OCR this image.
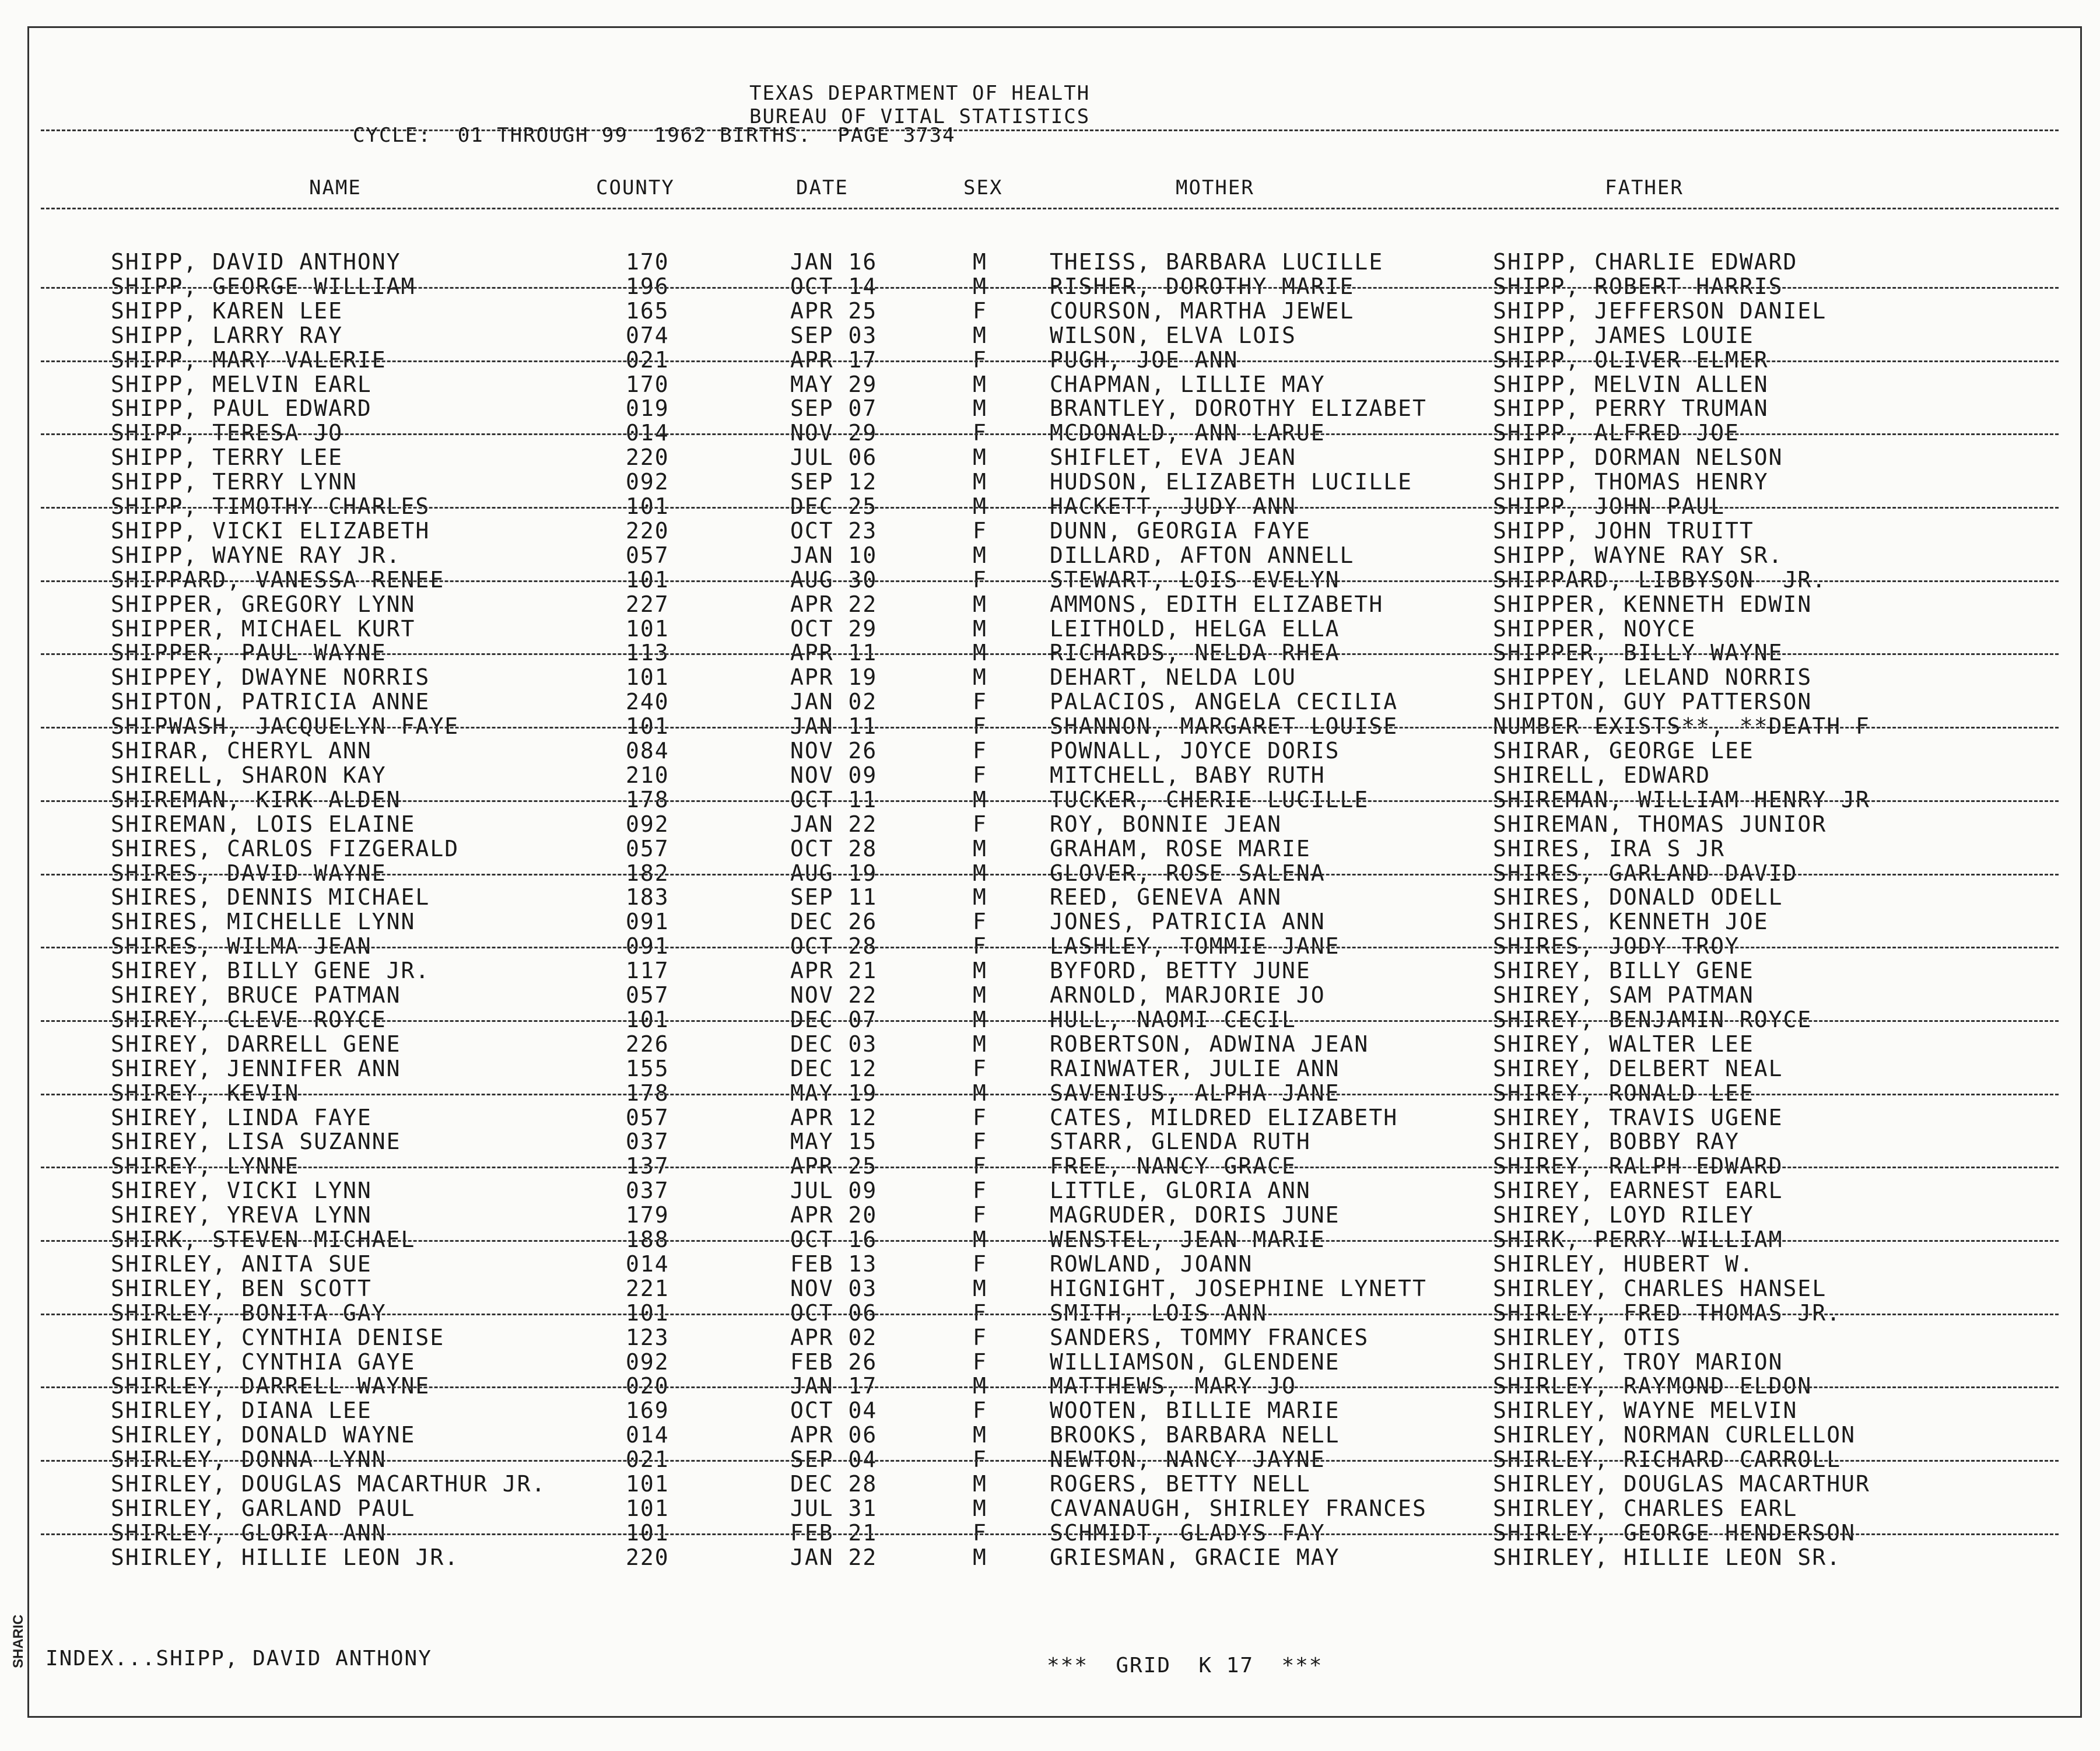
SHARIC
TEXAS DEPARTMENT OF HEALTH
BUREAU OF VITAL STATISTICS
CYCLE:  01 THROUGH 99  1962 BIRTHS.  PAGE 3734
NAME	COUNTY	DATE	SEX	MOTHER	FATHER
SHIPP, DAVID ANTHONY	170	JAN 16	M	THEISS, BARBARA LUCILLE	SHIPP, CHARLIE EDWARD
SHIPP, GEORGE WILLIAM	196	OCT 14	M	RISHER, DOROTHY MARIE	SHIPP, ROBERT HARRIS
SHIPP, KAREN LEE	165	APR 25	F	COURSON, MARTHA JEWEL	SHIPP, JEFFERSON DANIEL
SHIPP, LARRY RAY	074	SEP 03	M	WILSON, ELVA LOIS	SHIPP, JAMES LOUIE
SHIPP, MARY VALERIE	021	APR 17	F	PUGH, JOE ANN	SHIPP, OLIVER ELMER
SHIPP, MELVIN EARL	170	MAY 29	M	CHAPMAN, LILLIE MAY	SHIPP, MELVIN ALLEN
SHIPP, PAUL EDWARD	019	SEP 07	M	BRANTLEY, DOROTHY ELIZABET	SHIPP, PERRY TRUMAN
SHIPP, TERESA JO	014	NOV 29	F	MCDONALD, ANN LARUE	SHIPP, ALFRED JOE
SHIPP, TERRY LEE	220	JUL 06	M	SHIFLET, EVA JEAN	SHIPP, DORMAN NELSON
SHIPP, TERRY LYNN	092	SEP 12	M	HUDSON, ELIZABETH LUCILLE	SHIPP, THOMAS HENRY
SHIPP, TIMOTHY CHARLES	101	DEC 25	M	HACKETT, JUDY ANN	SHIPP, JOHN PAUL
SHIPP, VICKI ELIZABETH	220	OCT 23	F	DUNN, GEORGIA FAYE	SHIPP, JOHN TRUITT
SHIPP, WAYNE RAY JR.	057	JAN 10	M	DILLARD, AFTON ANNELL	SHIPP, WAYNE RAY SR.
SHIPPARD, VANESSA RENEE	101	AUG 30	F	STEWART, LOIS EVELYN	SHIPPARD, LIBBYSON  JR.
SHIPPER, GREGORY LYNN	227	APR 22	M	AMMONS, EDITH ELIZABETH	SHIPPER, KENNETH EDWIN
SHIPPER, MICHAEL KURT	101	OCT 29	M	LEITHOLD, HELGA ELLA	SHIPPER, NOYCE
SHIPPER, PAUL WAYNE	113	APR 11	M	RICHARDS, NELDA RHEA	SHIPPER, BILLY WAYNE
SHIPPEY, DWAYNE NORRIS	101	APR 19	M	DEHART, NELDA LOU	SHIPPEY, LELAND NORRIS
SHIPTON, PATRICIA ANNE	240	JAN 02	F	PALACIOS, ANGELA CECILIA	SHIPTON, GUY PATTERSON
SHIPWASH, JACQUELYN FAYE	101	JAN 11	F	SHANNON, MARGARET LOUISE	NUMBER EXISTS**, **DEATH F
SHIRAR, CHERYL ANN	084	NOV 26	F	POWNALL, JOYCE DORIS	SHIRAR, GEORGE LEE
SHIRELL, SHARON KAY	210	NOV 09	F	MITCHELL, BABY RUTH	SHIRELL, EDWARD
SHIREMAN, KIRK ALDEN	178	OCT 11	M	TUCKER, CHERIE LUCILLE	SHIREMAN, WILLIAM HENRY JR
SHIREMAN, LOIS ELAINE	092	JAN 22	F	ROY, BONNIE JEAN	SHIREMAN, THOMAS JUNIOR
SHIRES, CARLOS FIZGERALD	057	OCT 28	M	GRAHAM, ROSE MARIE	SHIRES, IRA S JR
SHIRES, DAVID WAYNE	182	AUG 19	M	GLOVER, ROSE SALENA	SHIRES, GARLAND DAVID
SHIRES, DENNIS MICHAEL	183	SEP 11	M	REED, GENEVA ANN	SHIRES, DONALD ODELL
SHIRES, MICHELLE LYNN	091	DEC 26	F	JONES, PATRICIA ANN	SHIRES, KENNETH JOE
SHIRES, WILMA JEAN	091	OCT 28	F	LASHLEY, TOMMIE JANE	SHIRES, JODY TROY
SHIREY, BILLY GENE JR.	117	APR 21	M	BYFORD, BETTY JUNE	SHIREY, BILLY GENE
SHIREY, BRUCE PATMAN	057	NOV 22	M	ARNOLD, MARJORIE JO	SHIREY, SAM PATMAN
SHIREY, CLEVE ROYCE	101	DEC 07	M	HULL, NAOMI CECIL	SHIREY, BENJAMIN ROYCE
SHIREY, DARRELL GENE	226	DEC 03	M	ROBERTSON, ADWINA JEAN	SHIREY, WALTER LEE
SHIREY, JENNIFER ANN	155	DEC 12	F	RAINWATER, JULIE ANN	SHIREY, DELBERT NEAL
SHIREY, KEVIN	178	MAY 19	M	SAVENIUS, ALPHA JANE	SHIREY, RONALD LEE
SHIREY, LINDA FAYE	057	APR 12	F	CATES, MILDRED ELIZABETH	SHIREY, TRAVIS UGENE
SHIREY, LISA SUZANNE	037	MAY 15	F	STARR, GLENDA RUTH	SHIREY, BOBBY RAY
SHIREY, LYNNE	137	APR 25	F	FREE, NANCY GRACE	SHIREY, RALPH EDWARD
SHIREY, VICKI LYNN	037	JUL 09	F	LITTLE, GLORIA ANN	SHIREY, EARNEST EARL
SHIREY, YREVA LYNN	179	APR 20	F	MAGRUDER, DORIS JUNE	SHIREY, LOYD RILEY
SHIRK, STEVEN MICHAEL	188	OCT 16	M	WENSTEL, JEAN MARIE	SHIRK, PERRY WILLIAM
SHIRLEY, ANITA SUE	014	FEB 13	F	ROWLAND, JOANN	SHIRLEY, HUBERT W.
SHIRLEY, BEN SCOTT	221	NOV 03	M	HIGNIGHT, JOSEPHINE LYNETT	SHIRLEY, CHARLES HANSEL
SHIRLEY, BONITA GAY	101	OCT 06	F	SMITH, LOIS ANN	SHIRLEY, FRED THOMAS JR.
SHIRLEY, CYNTHIA DENISE	123	APR 02	F	SANDERS, TOMMY FRANCES	SHIRLEY, OTIS
SHIRLEY, CYNTHIA GAYE	092	FEB 26	F	WILLIAMSON, GLENDENE	SHIRLEY, TROY MARION
SHIRLEY, DARRELL WAYNE	020	JAN 17	M	MATTHEWS, MARY JO	SHIRLEY, RAYMOND ELDON
SHIRLEY, DIANA LEE	169	OCT 04	F	WOOTEN, BILLIE MARIE	SHIRLEY, WAYNE MELVIN
SHIRLEY, DONALD WAYNE	014	APR 06	M	BROOKS, BARBARA NELL	SHIRLEY, NORMAN CURLELLON
SHIRLEY, DONNA LYNN	021	SEP 04	F	NEWTON, NANCY JAYNE	SHIRLEY, RICHARD CARROLL
SHIRLEY, DOUGLAS MACARTHUR JR.	101	DEC 28	M	ROGERS, BETTY NELL	SHIRLEY, DOUGLAS MACARTHUR
SHIRLEY, GARLAND PAUL	101	JUL 31	M	CAVANAUGH, SHIRLEY FRANCES	SHIRLEY, CHARLES EARL
SHIRLEY, GLORIA ANN	101	FEB 21	F	SCHMIDT, GLADYS FAY	SHIRLEY, GEORGE HENDERSON
SHIRLEY, HILLIE LEON JR.	220	JAN 22	M	GRIESMAN, GRACIE MAY	SHIRLEY, HILLIE LEON SR.
INDEX...SHIPP, DAVID ANTHONY	***  GRID  K 17  ***
